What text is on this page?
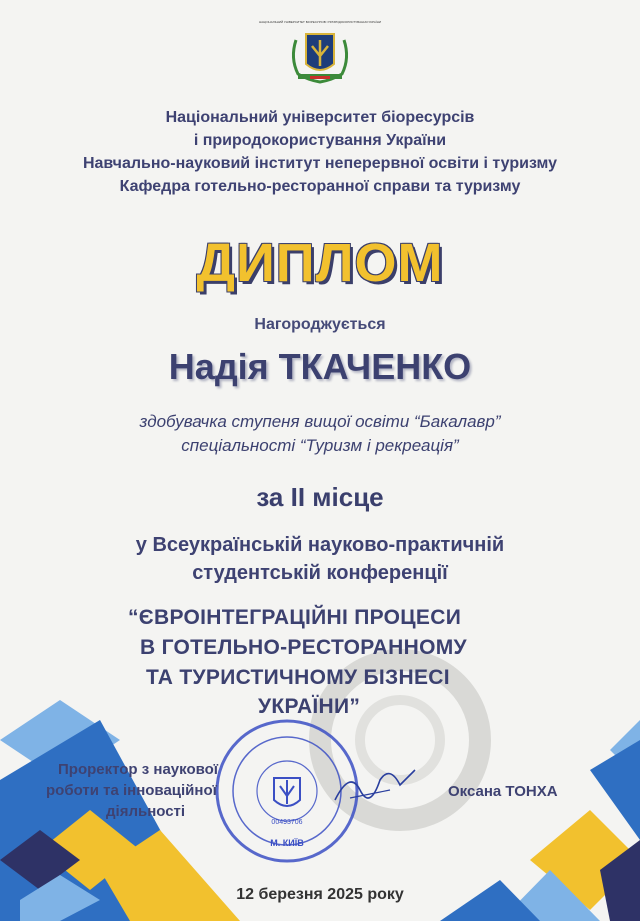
НАЦІОНАЛЬНИЙ УНІВЕРСИТЕТ БІОРЕСУРСІВ І ПРИРОДОКОРИСТУВАННЯ УКРАЇНИ
Національний університет біоресурсів
і природокористування України
Навчально-науковий інститут неперервної освіти і туризму
Кафедра готельно-ресторанної справи та туризму
ДИПЛОМ
Нагороджується
Надія ТКАЧЕНКО
здобувачка ступеня вищої освіти “Бакалавр”
спеціальності “Туризм і рекреація”
за ІІ місце
у Всеукраїнській науково-практичній
студентській конференції
“ЄВРОІНТЕГРАЦІЙНІ ПРОЦЕСИ
В ГОТЕЛЬНО-РЕСТОРАННОМУ
ТА ТУРИСТИЧНОМУ БІЗНЕСІ
УКРАЇНИ”
М. КИЇВ
00493706
Проректор з наукової
роботи та інноваційної
діяльності
Оксана ТОНХА
12 березня 2025 року
